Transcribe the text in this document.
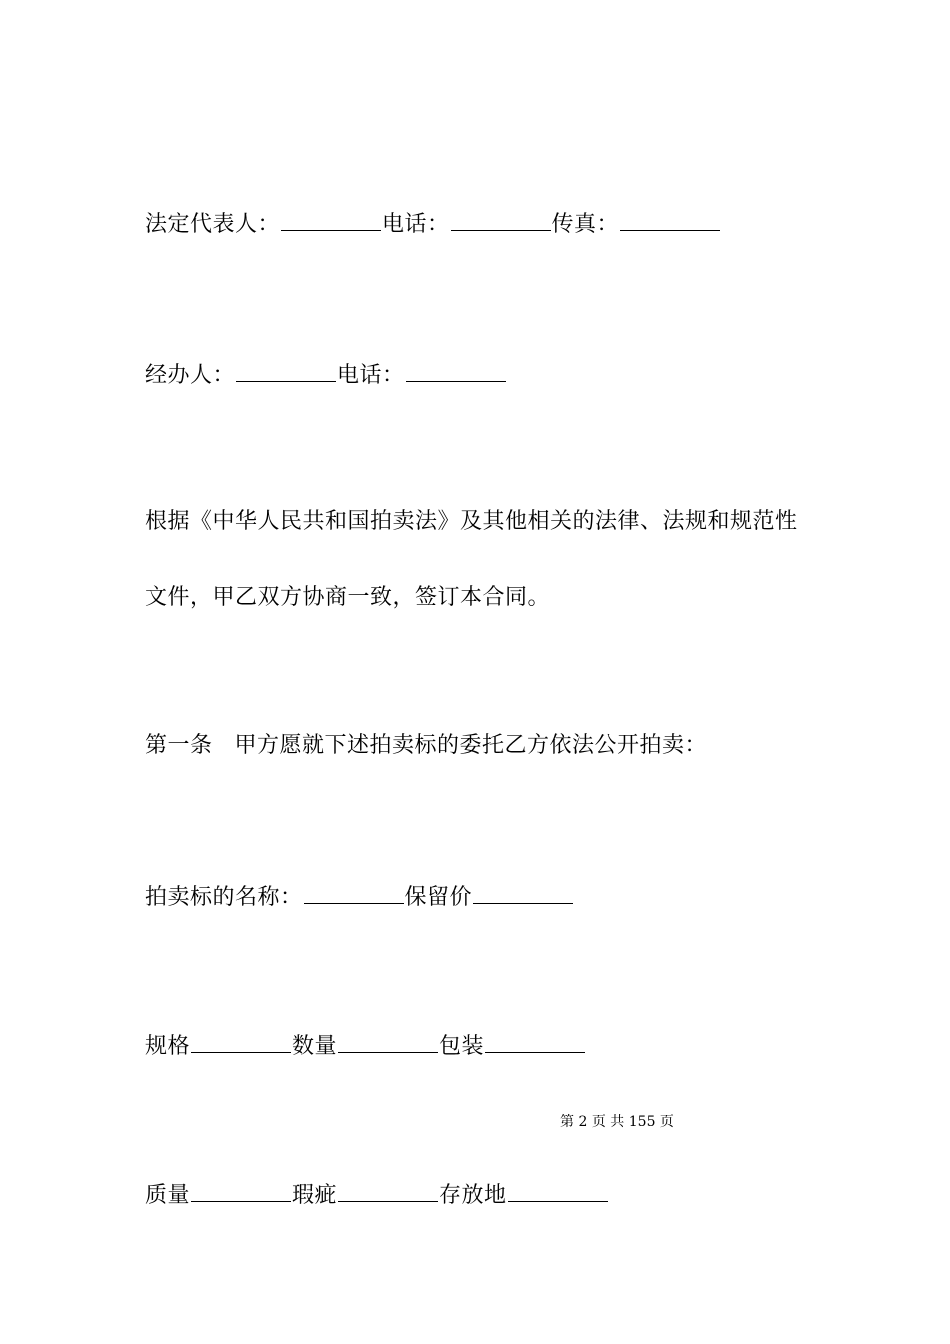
法定代表人：	电话：	传真：
经办人：	电话：
根据《中华人民共和国拍卖法》及其他相关的法律、法规和规范性
文件，甲乙双方协商一致，签订本合同。
第一条 甲方愿就下述拍卖标的委托乙方依法公开拍卖：
拍卖标的名称：	保留价
规格	数量	包装
第 2 页 共 155 页
质量	瑕疵	存放地
